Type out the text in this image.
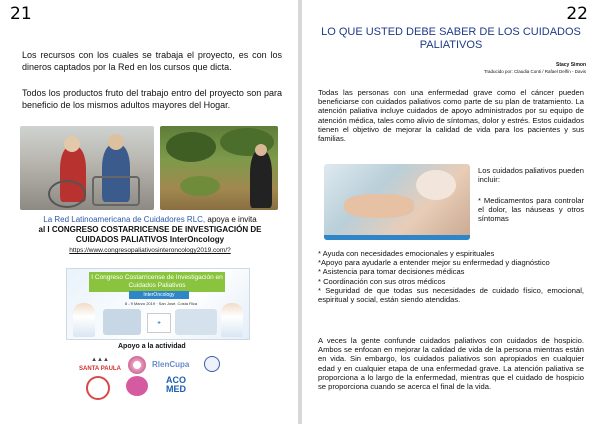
21

Los recursos con los cuales se trabaja el proyecto, es con los dineros captados por la Red en los cursos que dicta.

Todos los productos fruto del trabajo entro del proyecto son para beneficio de los mismos adultos mayores del Hogar.

La Red Latinoamericana de Cuidadores RLC, apoya e invita
al I CONGRESO COSTARRICENSE DE INVESTIGACIÓN DE
CUIDADOS PALIATIVOS InterOncology
https://www.congresopaliativosinteroncology2019.com/?
I Congreso Costarricense de Investigación en Cuidados Paliativos
InterOncology
8 - 9 Marzo 2019 · San José, Costa Rica
✚
Apoyo a la actividad
▲▲▲
SANTA PAULA	RlenCupa
ACO MED
22
LO QUE USTED DEBE SABER DE LOS CUIDADOS PALIATIVOS
Stacy Simon
Traducido por: Claudia Conti / Rafael Delfín - Davis

Todas las personas con una enfermedad grave como el cáncer pueden beneficiarse con cuidados paliativos como parte de su plan de tratamiento. La atención paliativa incluye cuidados de apoyo administrados por su equipo de atención médica, tales como alivio de síntomas, dolor y estrés. Estos cuidados tienen el objetivo de mejorar la calidad de vida para los pacientes y sus familias.

Los cuidados paliativos pueden incluir:

* Medicamentos para controlar el dolor, las náuseas y otros síntomas

* Ayuda con necesidades emocionales y espirituales
*Apoyo para ayudarle a entender mejor su enfermedad y diagnóstico
* Asistencia para tomar decisiones médicas
* Coordinación con sus otros médicos
* Seguridad de que todas sus necesidades de cuidado físico, emocional, espiritual y social, están siendo atendidas.

A veces la gente confunde cuidados paliativos con cuidados de hospicio. Ambos se enfocan en mejorar la calidad de vida de la persona mientras están en vida. Sin embargo, los cuidados paliativos son apropiados en cualquier edad y en cualquier etapa de una enfermedad grave. La atención paliativa se proporciona a lo largo de la enfermedad, mientras que el cuidado de hospicio se proporciona cuando se acerca el final de la vida.
